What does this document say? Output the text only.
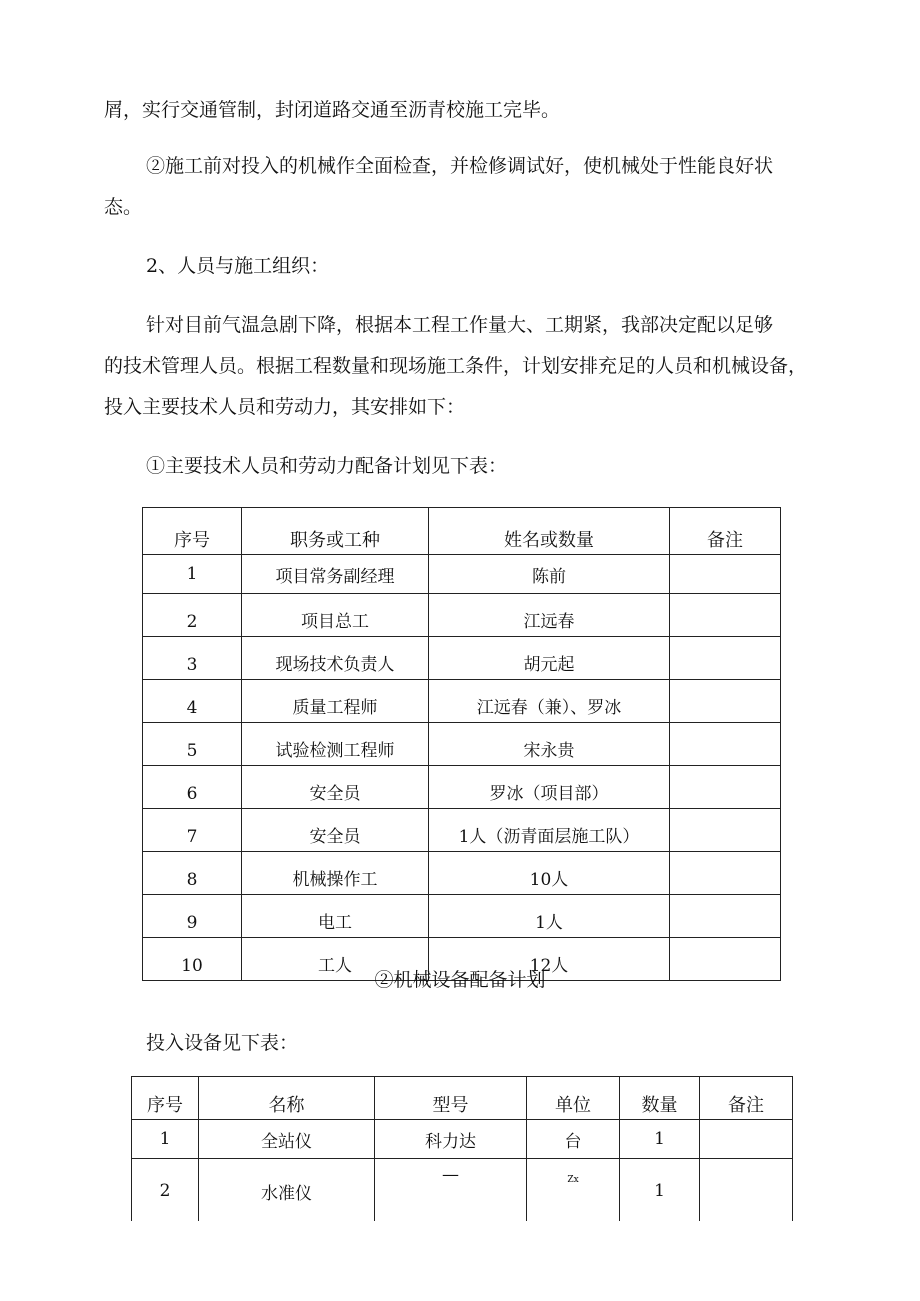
屑，实行交通管制，封闭道路交通至沥青校施工完毕。
②施工前对投入的机械作全面检查，并检修调试好，使机械处于性能良好状
态。
2、人员与施工组织：
针对目前气温急剧下降，根据本工程工作量大、工期紧，我部决定配以足够
的技术管理人员。根据工程数量和现场施工条件，计划安排充足的人员和机械设备，
投入主要技术人员和劳动力，其安排如下：
①主要技术人员和劳动力配备计划见下表：
序号	职务或工种	姓名或数量	备注
1	项目常务副经理	陈前	
2	项目总工	江远春	
3	现场技术负责人	胡元起	
4	质量工程师	江远春（兼）、罗冰	
5	试验检测工程师	宋永贵	
6	安全员	罗冰（项目部）	
7	安全员	1人（沥青面层施工队）	
8	机械操作工	10人	
9	电工	1人	
10	工人	12人	
②机械设备配备计划
投入设备见下表：
序号	名称	型号	单位	数量	备注
1	全站仪	科力达	台	1	
2	水准仪	—	Zx	1	
